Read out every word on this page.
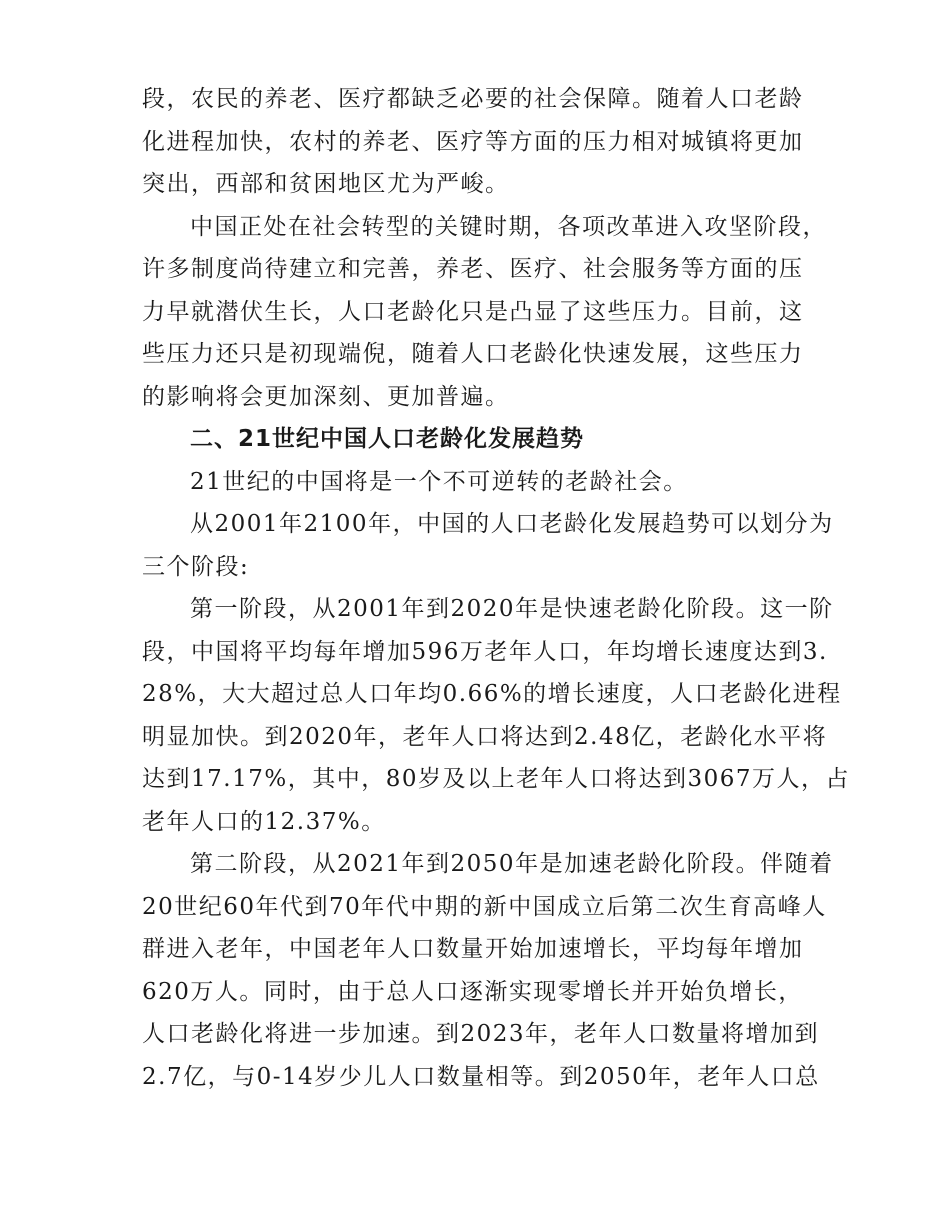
段，农民的养老、医疗都缺乏必要的社会保障。随着人口老龄
化进程加快，农村的养老、医疗等方面的压力相对城镇将更加
突出，西部和贫困地区尤为严峻。
中国正处在社会转型的关键时期，各项改革进入攻坚阶段，
许多制度尚待建立和完善，养老、医疗、社会服务等方面的压
力早就潜伏生长，人口老龄化只是凸显了这些压力。目前，这
些压力还只是初现端倪，随着人口老龄化快速发展，这些压力
的影响将会更加深刻、更加普遍。
二、21世纪中国人口老龄化发展趋势
21世纪的中国将是一个不可逆转的老龄社会。
从2001年2100年，中国的人口老龄化发展趋势可以划分为
三个阶段:
第一阶段，从2001年到2020年是快速老龄化阶段。这一阶
段，中国将平均每年增加596万老年人口，年均增长速度达到3.
28%，大大超过总人口年均0.66%的增长速度，人口老龄化进程
明显加快。到2020年，老年人口将达到2.48亿，老龄化水平将
达到17.17%，其中，80岁及以上老年人口将达到3067万人，占
老年人口的12.37%。
第二阶段，从2021年到2050年是加速老龄化阶段。伴随着
20世纪60年代到70年代中期的新中国成立后第二次生育高峰人
群进入老年，中国老年人口数量开始加速增长，平均每年增加
620万人。同时，由于总人口逐渐实现零增长并开始负增长，
人口老龄化将进一步加速。到2023年，老年人口数量将增加到
2.7亿，与0-14岁少儿人口数量相等。到2050年，老年人口总
